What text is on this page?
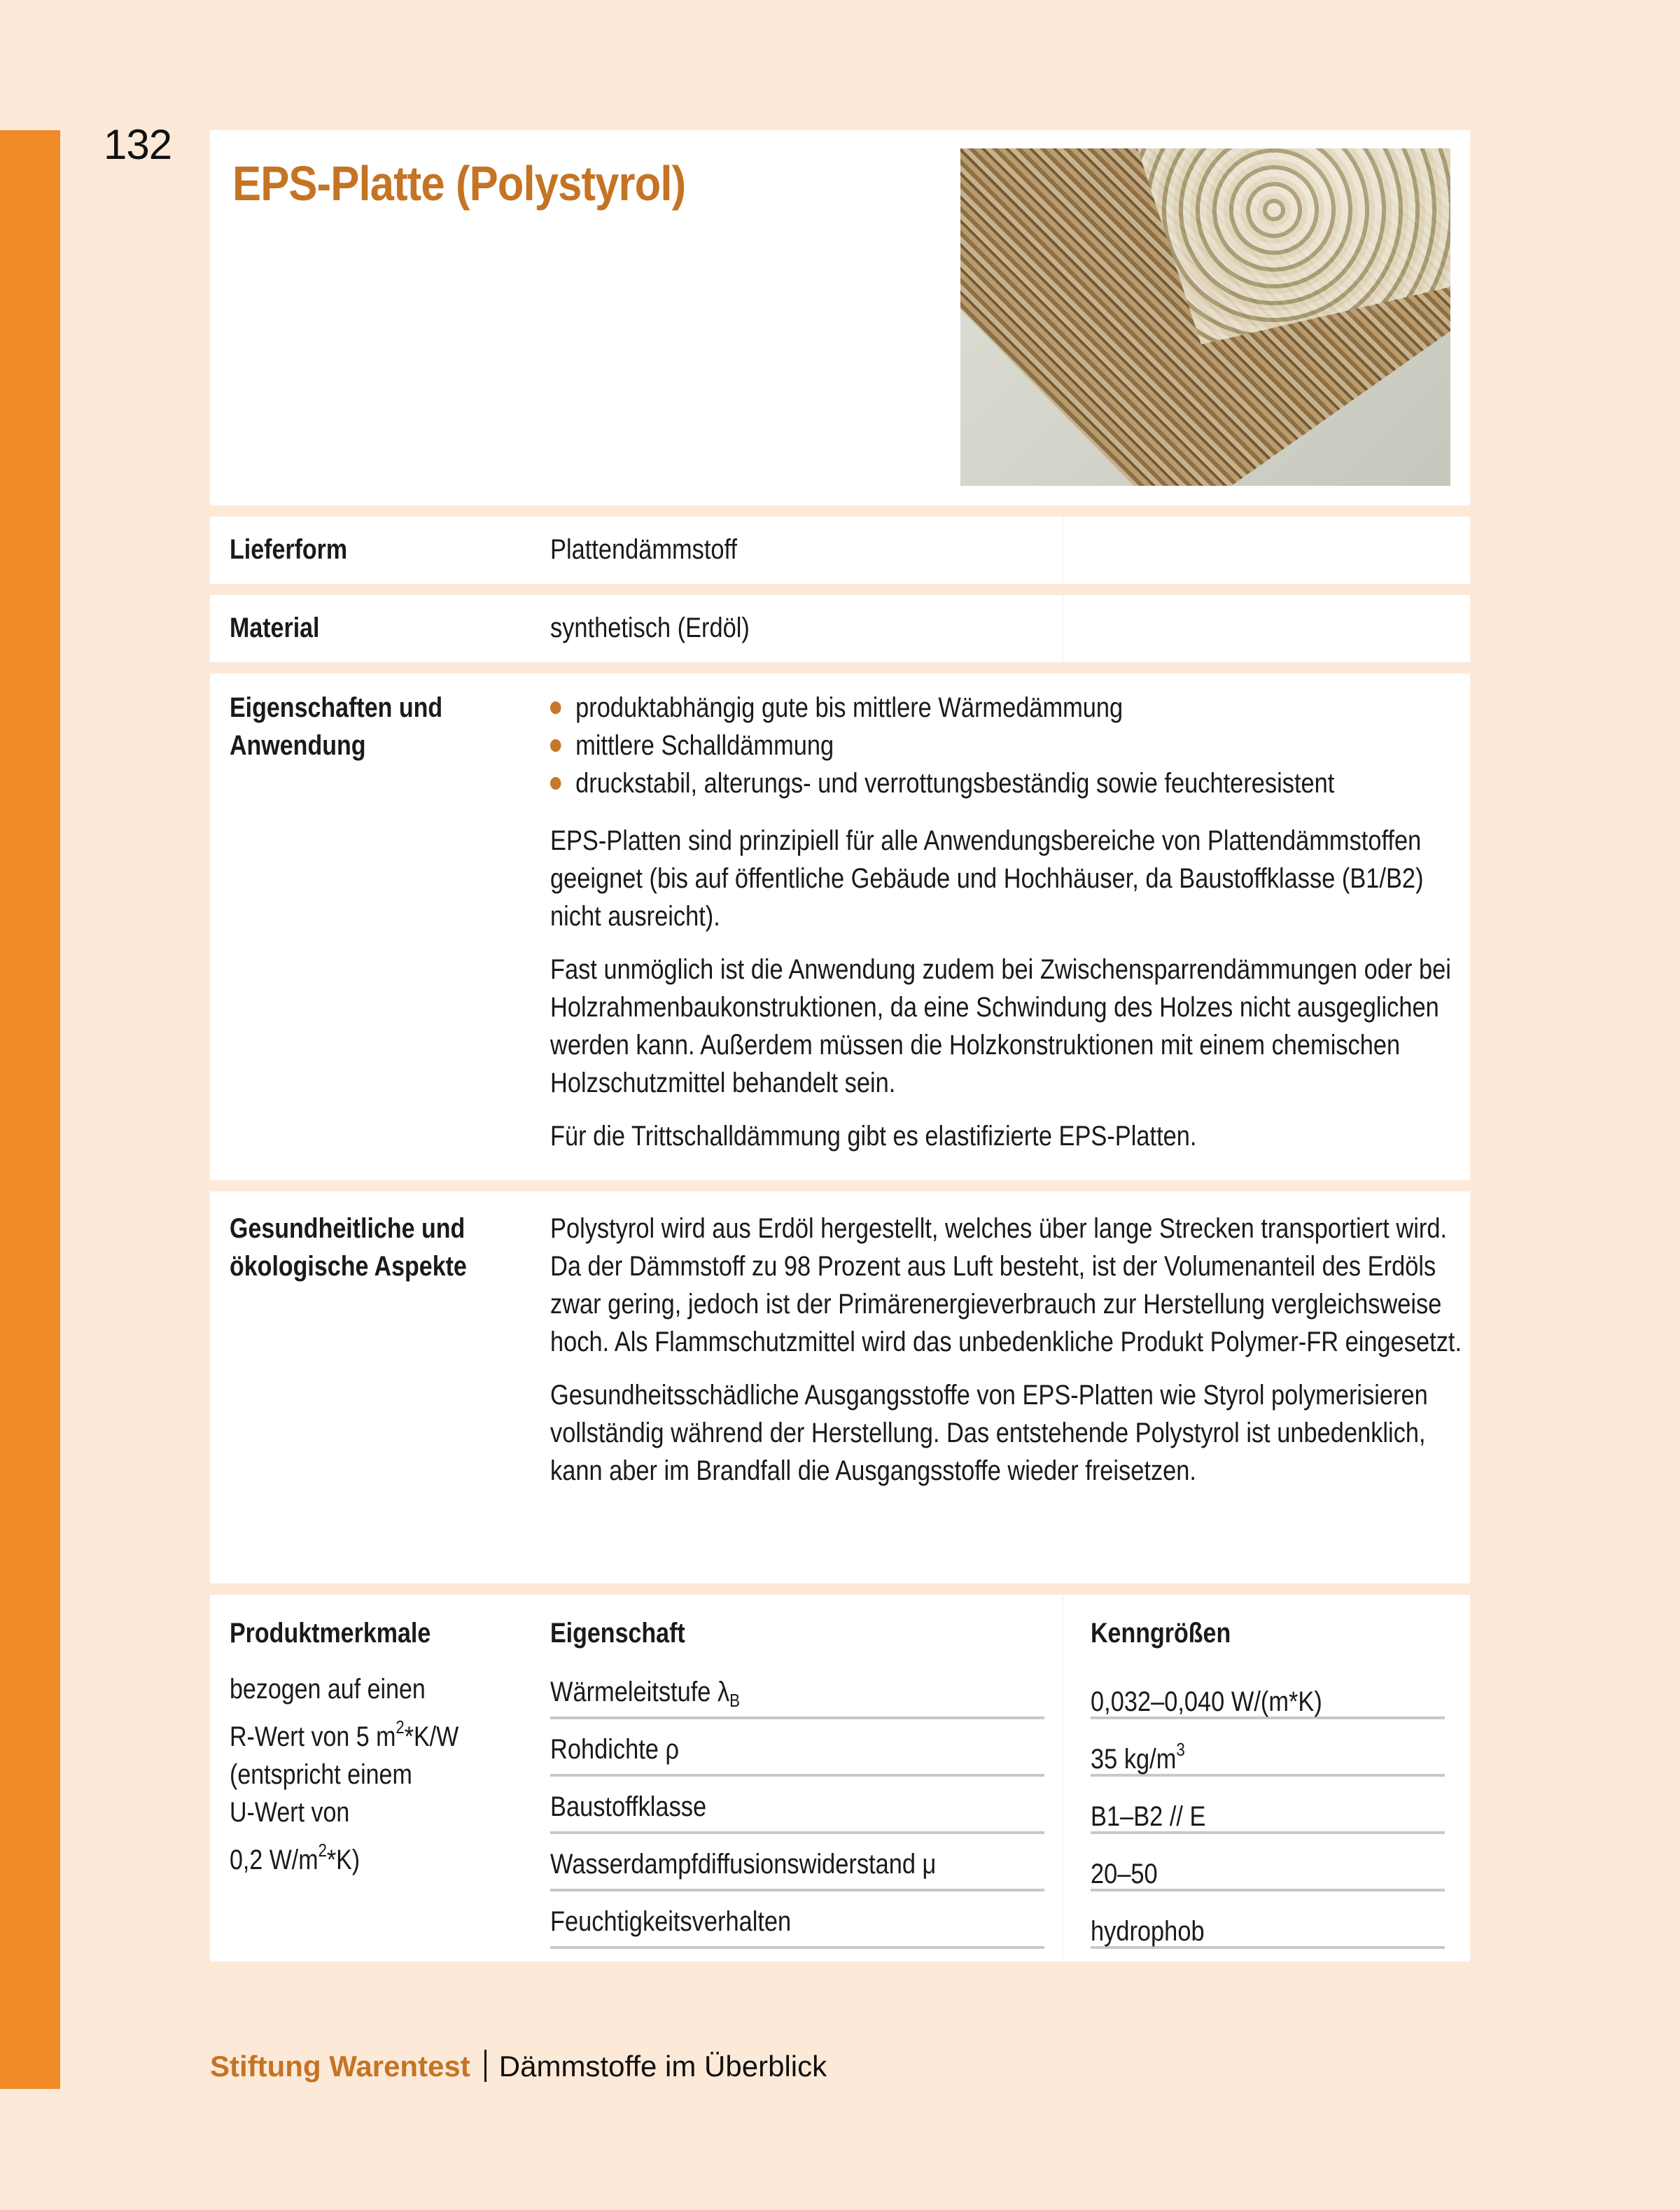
132
EPS-Platte (Polystyrol)
Lieferform	Plattendämmstoff
Material	synthetisch (Erdöl)
Eigenschaften und
Anwendung
produktabhängig gute bis mittlere Wärmedämmung
mittlere Schalldämmung
druckstabil, alterungs- und verrottungsbeständig sowie feuchteresistent

EPS-Platten sind prinzipiell für alle Anwendungsbereiche von Plattendämmstoffen geeignet (bis auf öffentliche Gebäude und Hochhäuser, da Baustoffklasse (B1/B2) nicht ausreicht).

Fast unmöglich ist die Anwendung zudem bei Zwischensparrendämmungen oder bei Holzrahmenbaukonstruktionen, da eine Schwindung des Holzes nicht ausgeglichen werden kann. Außerdem müssen die Holzkonstruktionen mit einem chemischen Holzschutzmittel behandelt sein.

Für die Trittschalldämmung gibt es elastifizierte EPS-Platten.

Gesundheitliche und
ökologische Aspekte

Polystyrol wird aus Erdöl hergestellt, welches über lange Strecken transportiert wird. Da der Dämmstoff zu 98 Prozent aus Luft besteht, ist der Volumenanteil des Erdöls zwar gering, jedoch ist der Primärenergieverbrauch zur Herstellung vergleichsweise hoch. Als Flammschutzmittel wird das unbedenkliche Produkt Polymer-FR eingesetzt.

Gesundheitsschädliche Ausgangsstoffe von EPS-Platten wie Styrol polymerisieren vollständig während der Herstellung. Das entstehende Polystyrol ist unbedenklich, kann aber im Brandfall die Ausgangsstoffe wieder freisetzen.

Produktmerkmale
bezogen auf einen
R-Wert von 5 $m^2*K/W$
(entspricht einem
U-Wert von
0,2 $W/m^2*K$)
Eigenschaft	Kenngrößen
Wärmeleitstufe $\lambda_B$	0,032–0,040 W/(m*K)
Rohdichte ρ	35 $kg/m^3$
Baustoffklasse	B1–B2 // E
Wasserdampfdiffusionswiderstand μ	20–50
Feuchtigkeitsverhalten	hydrophob
Stiftung Warentest Dämmstoffe im Überblick
